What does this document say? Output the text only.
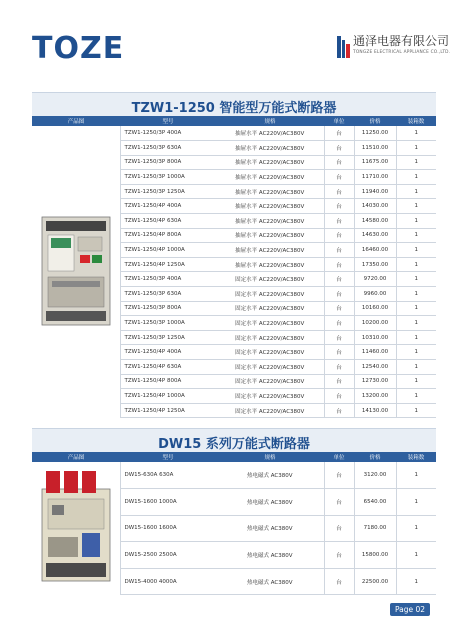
TOZE	通泽电器有限公司
TONGZE ELECTRICAL APPLIANCE CO.,LTD.
TZW1-1250 智能型万能式断路器
产品图	型号	规格	单位	价格	装箱数
	TZW1-1250/3P 400A	抽屉水平 AC220V/AC380V	台	11250.00	1
	TZW1-1250/3P 630A	抽屉水平 AC220V/AC380V	台	11510.00	1
	TZW1-1250/3P 800A	抽屉水平 AC220V/AC380V	台	11675.00	1
	TZW1-1250/3P 1000A	抽屉水平 AC220V/AC380V	台	11710.00	1
	TZW1-1250/3P 1250A	抽屉水平 AC220V/AC380V	台	11940.00	1
	TZW1-1250/4P 400A	抽屉水平 AC220V/AC380V	台	14030.00	1
	TZW1-1250/4P 630A	抽屉水平 AC220V/AC380V	台	14580.00	1
	TZW1-1250/4P 800A	抽屉水平 AC220V/AC380V	台	14630.00	1
	TZW1-1250/4P 1000A	抽屉水平 AC220V/AC380V	台	16460.00	1
	TZW1-1250/4P 1250A	抽屉水平 AC220V/AC380V	台	17350.00	1
	TZW1-1250/3P 400A	固定水平 AC220V/AC380V	台	9720.00	1
	TZW1-1250/3P 630A	固定水平 AC220V/AC380V	台	9960.00	1
	TZW1-1250/3P 800A	固定水平 AC220V/AC380V	台	10160.00	1
	TZW1-1250/3P 1000A	固定水平 AC220V/AC380V	台	10200.00	1
	TZW1-1250/3P 1250A	固定水平 AC220V/AC380V	台	10310.00	1
	TZW1-1250/4P 400A	固定水平 AC220V/AC380V	台	11460.00	1
	TZW1-1250/4P 630A	固定水平 AC220V/AC380V	台	12540.00	1
	TZW1-1250/4P 800A	固定水平 AC220V/AC380V	台	12730.00	1
	TZW1-1250/4P 1000A	固定水平 AC220V/AC380V	台	13200.00	1
	TZW1-1250/4P 1250A	固定水平 AC220V/AC380V	台	14130.00	1
DW15 系列万能式断路器
产品图	型号	规格	单位	价格	装箱数
	DW15-630A 630A	热电磁式 AC380V	台	3120.00	1
	DW15-1600 1000A	热电磁式 AC380V	台	6540.00	1
	DW15-1600 1600A	热电磁式 AC380V	台	7180.00	1
	DW15-2500 2500A	热电磁式 AC380V	台	15800.00	1
	DW15-4000 4000A	热电磁式 AC380V	台	22500.00	1
Page 02
